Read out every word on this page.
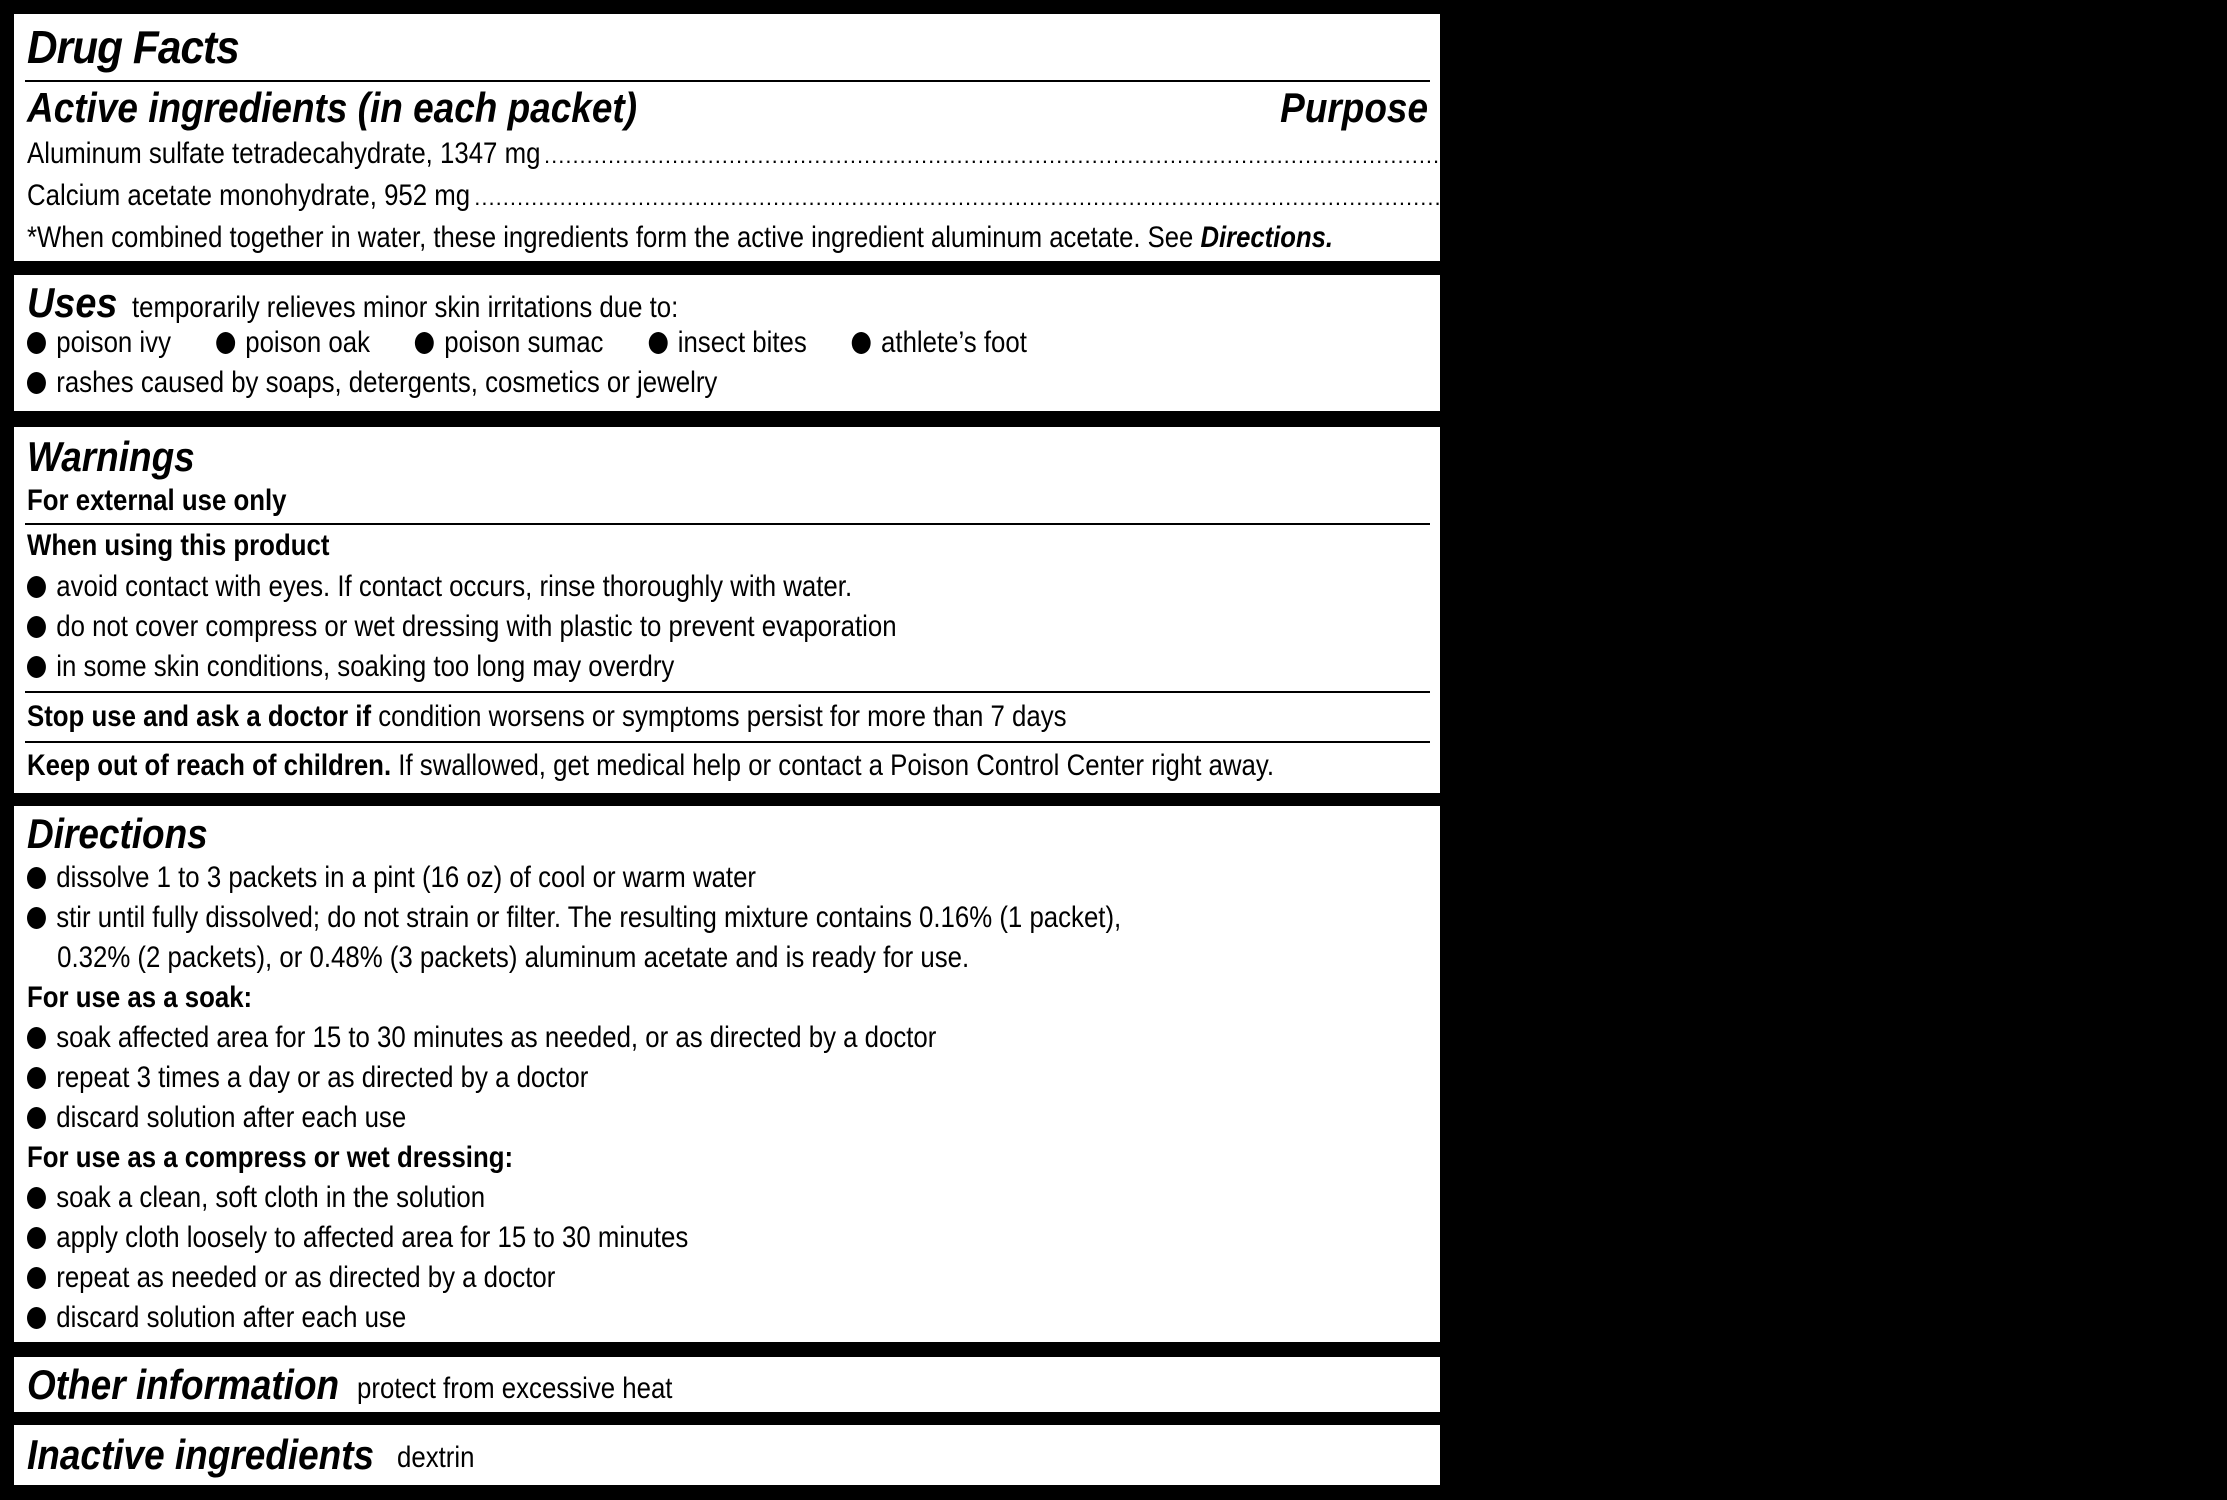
Drug Facts
Active ingredients (in each packet)	Purpose
Aluminum sulfate tetradecahydrate, 1347 mg ........................................................................................................................................................................................................................ Astringent*
Calcium acetate monohydrate, 952 mg ........................................................................................................................................................................................................................ Astringent*
*When combined together in water, these ingredients form the active ingredient aluminum acetate. See Directions.
Uses temporarily relieves minor skin irritations due to:
poison ivy poison oak poison sumac insect bites athlete’s foot
rashes caused by soaps, detergents, cosmetics or jewelry
Warnings
For external use only
When using this product
avoid contact with eyes. If contact occurs, rinse thoroughly with water.
do not cover compress or wet dressing with plastic to prevent evaporation
in some skin conditions, soaking too long may overdry
Stop use and ask a doctor if condition worsens or symptoms persist for more than 7 days
Keep out of reach of children. If swallowed, get medical help or contact a Poison Control Center right away.
Directions
dissolve 1 to 3 packets in a pint (16 oz) of cool or warm water
stir until fully dissolved; do not strain or filter. The resulting mixture contains 0.16% (1 packet),
0.32% (2 packets), or 0.48% (3 packets) aluminum acetate and is ready for use.
For use as a soak:
soak affected area for 15 to 30 minutes as needed, or as directed by a doctor
repeat 3 times a day or as directed by a doctor
discard solution after each use
For use as a compress or wet dressing:
soak a clean, soft cloth in the solution
apply cloth loosely to affected area for 15 to 30 minutes
repeat as needed or as directed by a doctor
discard solution after each use
Other information protect from excessive heat
Inactive ingredients dextrin
